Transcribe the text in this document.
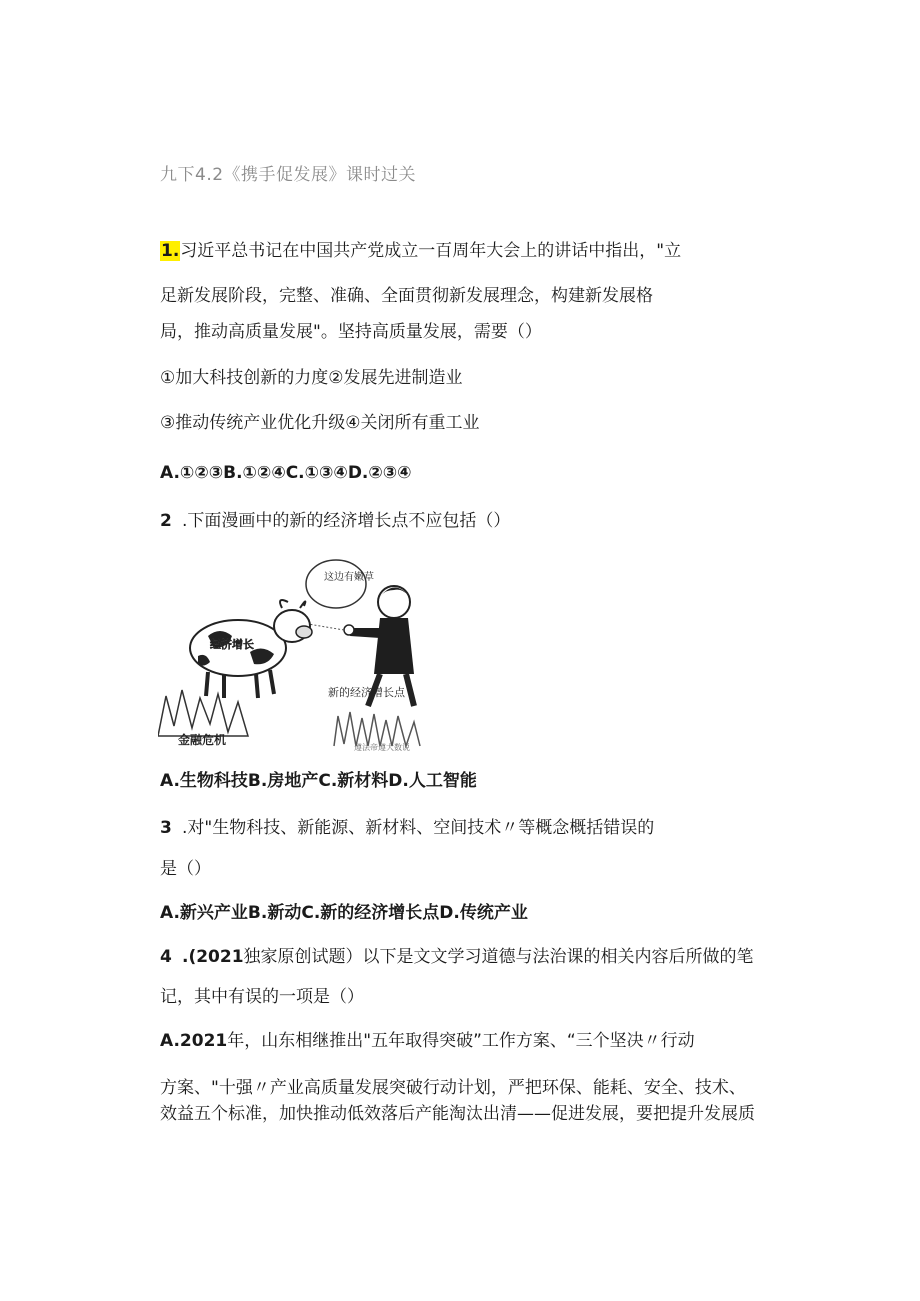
九下4.2《携手促发展》课时过关
1.习近平总书记在中国共产党成立一百周年大会上的讲话中指出，"立
足新发展阶段，完整、准确、全面贯彻新发展理念，构建新发展格
局，推动高质量发展"。坚持高质量发展，需要（）
①加大科技创新的力度②发展先进制造业
③推动传统产业优化升级④关闭所有重工业
A.①②③B.①②④C.①③④D.②③④
2 .下面漫画中的新的经济增长点不应包括（）
这边有嫩草
经济增长
金融危机
新的经济增长点
遵法帝遵大数说
A.生物科技B.房地产C.新材料D.人工智能
3 .对"生物科技、新能源、新材料、空间技术〃等概念概括错误的
是（）
A.新兴产业B.新动C.新的经济增长点D.传统产业
4 .(2021独家原创试题）以下是文文学习道德与法治课的相关内容后所做的笔
记，其中有误的一项是（）
A.2021年，山东相继推出"五年取得突破”工作方案、“三个坚决〃行动
方案、"十强〃产业高质量发展突破行动计划，严把环保、能耗、安全、技术、
效益五个标准，加快推动低效落后产能淘汰出清——促进发展，要把提升发展质
